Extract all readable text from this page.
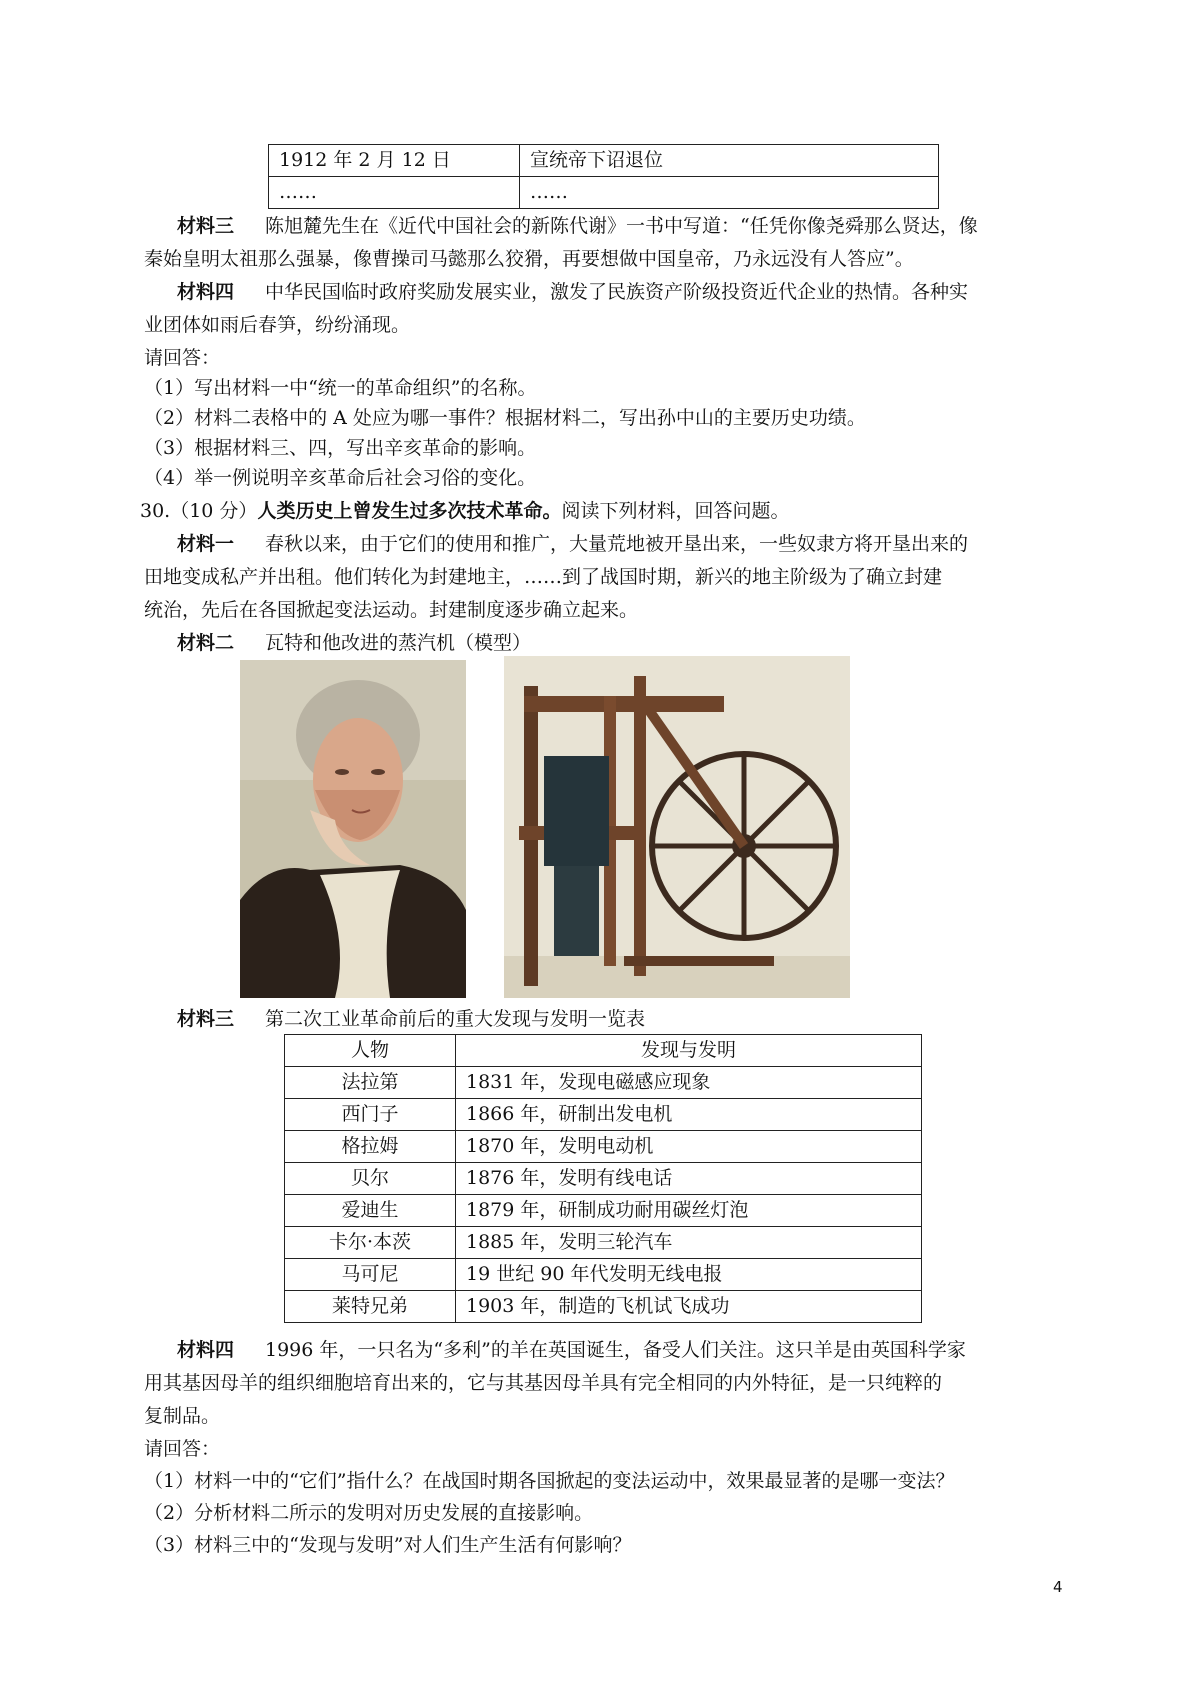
1912 年 2 月 12 日	宣统帝下诏退位
……	……
材料三 陈旭麓先生在《近代中国社会的新陈代谢》一书中写道：“任凭你像尧舜那么贤达，像
秦始皇明太祖那么强暴，像曹操司马懿那么狡猾，再要想做中国皇帝，乃永远没有人答应”。
材料四 中华民国临时政府奖励发展实业，激发了民族资产阶级投资近代企业的热情。各种实
业团体如雨后春笋，纷纷涌现。
请回答：
（1）写出材料一中“统一的革命组织”的名称。
（2）材料二表格中的 A 处应为哪一事件？根据材料二，写出孙中山的主要历史功绩。
（3）根据材料三、四，写出辛亥革命的影响。
（4）举一例说明辛亥革命后社会习俗的变化。
30.（10 分）人类历史上曾发生过多次技术革命。阅读下列材料，回答问题。
材料一 春秋以来，由于它们的使用和推广，大量荒地被开垦出来，一些奴隶方将开垦出来的
田地变成私产并出租。他们转化为封建地主，……到了战国时期，新兴的地主阶级为了确立封建
统治，先后在各国掀起变法运动。封建制度逐步确立起来。
材料二 瓦特和他改进的蒸汽机（模型）
材料三 第二次工业革命前后的重大发现与发明一览表
人物	发现与发明
法拉第	1831 年，发现电磁感应现象
西门子	1866 年，研制出发电机
格拉姆	1870 年，发明电动机
贝尔	1876 年，发明有线电话
爱迪生	1879 年，研制成功耐用碳丝灯泡
卡尔·本茨	1885 年，发明三轮汽车
马可尼	19 世纪 90 年代发明无线电报
莱特兄弟	1903 年，制造的飞机试飞成功
材料四 1996 年，一只名为“多利”的羊在英国诞生，备受人们关注。这只羊是由英国科学家
用其基因母羊的组织细胞培育出来的，它与其基因母羊具有完全相同的内外特征，是一只纯粹的
复制品。
请回答：
（1）材料一中的“它们”指什么？在战国时期各国掀起的变法运动中，效果最显著的是哪一变法？
（2）分析材料二所示的发明对历史发展的直接影响。
（3）材料三中的“发现与发明”对人们生产生活有何影响？
4
